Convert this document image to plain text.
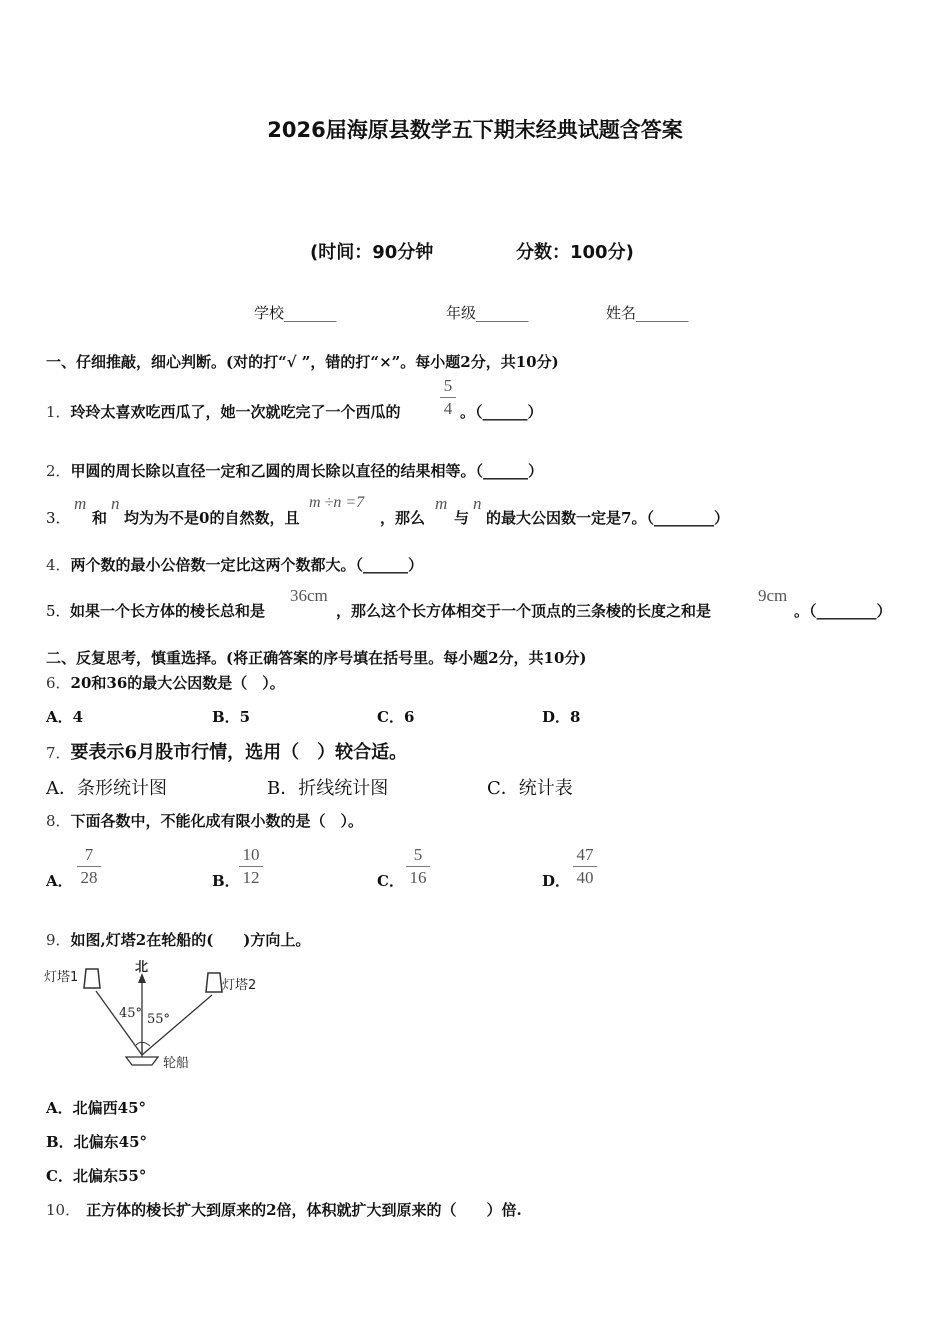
2026届海原县数学五下期末经典试题含答案
(时间：90分钟	分数：100分)
学校_______	年级_______	姓名_______
一、仔细推敲，细心判断。(对的打“√ ”，错的打“×”。每小题2分，共10分)
1．玲玲太喜欢吃西瓜了，她一次就吃完了一个西瓜的
5
4 。（______）
2．甲圆的周长除以直径一定和乙圆的周长除以直径的结果相等。（______）
3．
m
和
n
均为为不是0的自然数，且
m ÷n =7
，那么
m
与
n
的最大公因数一定是7。（________）
4．两个数的最小公倍数一定比这两个数都大。（______）
5． 如果一个长方体的棱长总和是
36cm
，那么这个长方体相交于一个顶点的三条棱的长度之和是
9cm
。（________）
二、反复思考，慎重选择。(将正确答案的序号填在括号里。每小题2分，共10分)
6．20和36的最大公因数是（　）。
A．4	B．5	C．6	D．8
7．要表示6月股市行情，选用（　）较合适。
A．条形统计图	B．折线统计图	C．统计表
8．下面各数中，不能化成有限小数的是（　）。
A．
7
28	B．
10
12	C．
5
16	D．
47
40
9．如图,灯塔2在轮船的(　　)方向上。
灯塔1
北
灯塔2
45° 55°
轮船
A．北偏西45°
B．北偏东45°
C．北偏东55°
10． 正方体的棱长扩大到原来的2倍，体积就扩大到原来的（　　）倍.
